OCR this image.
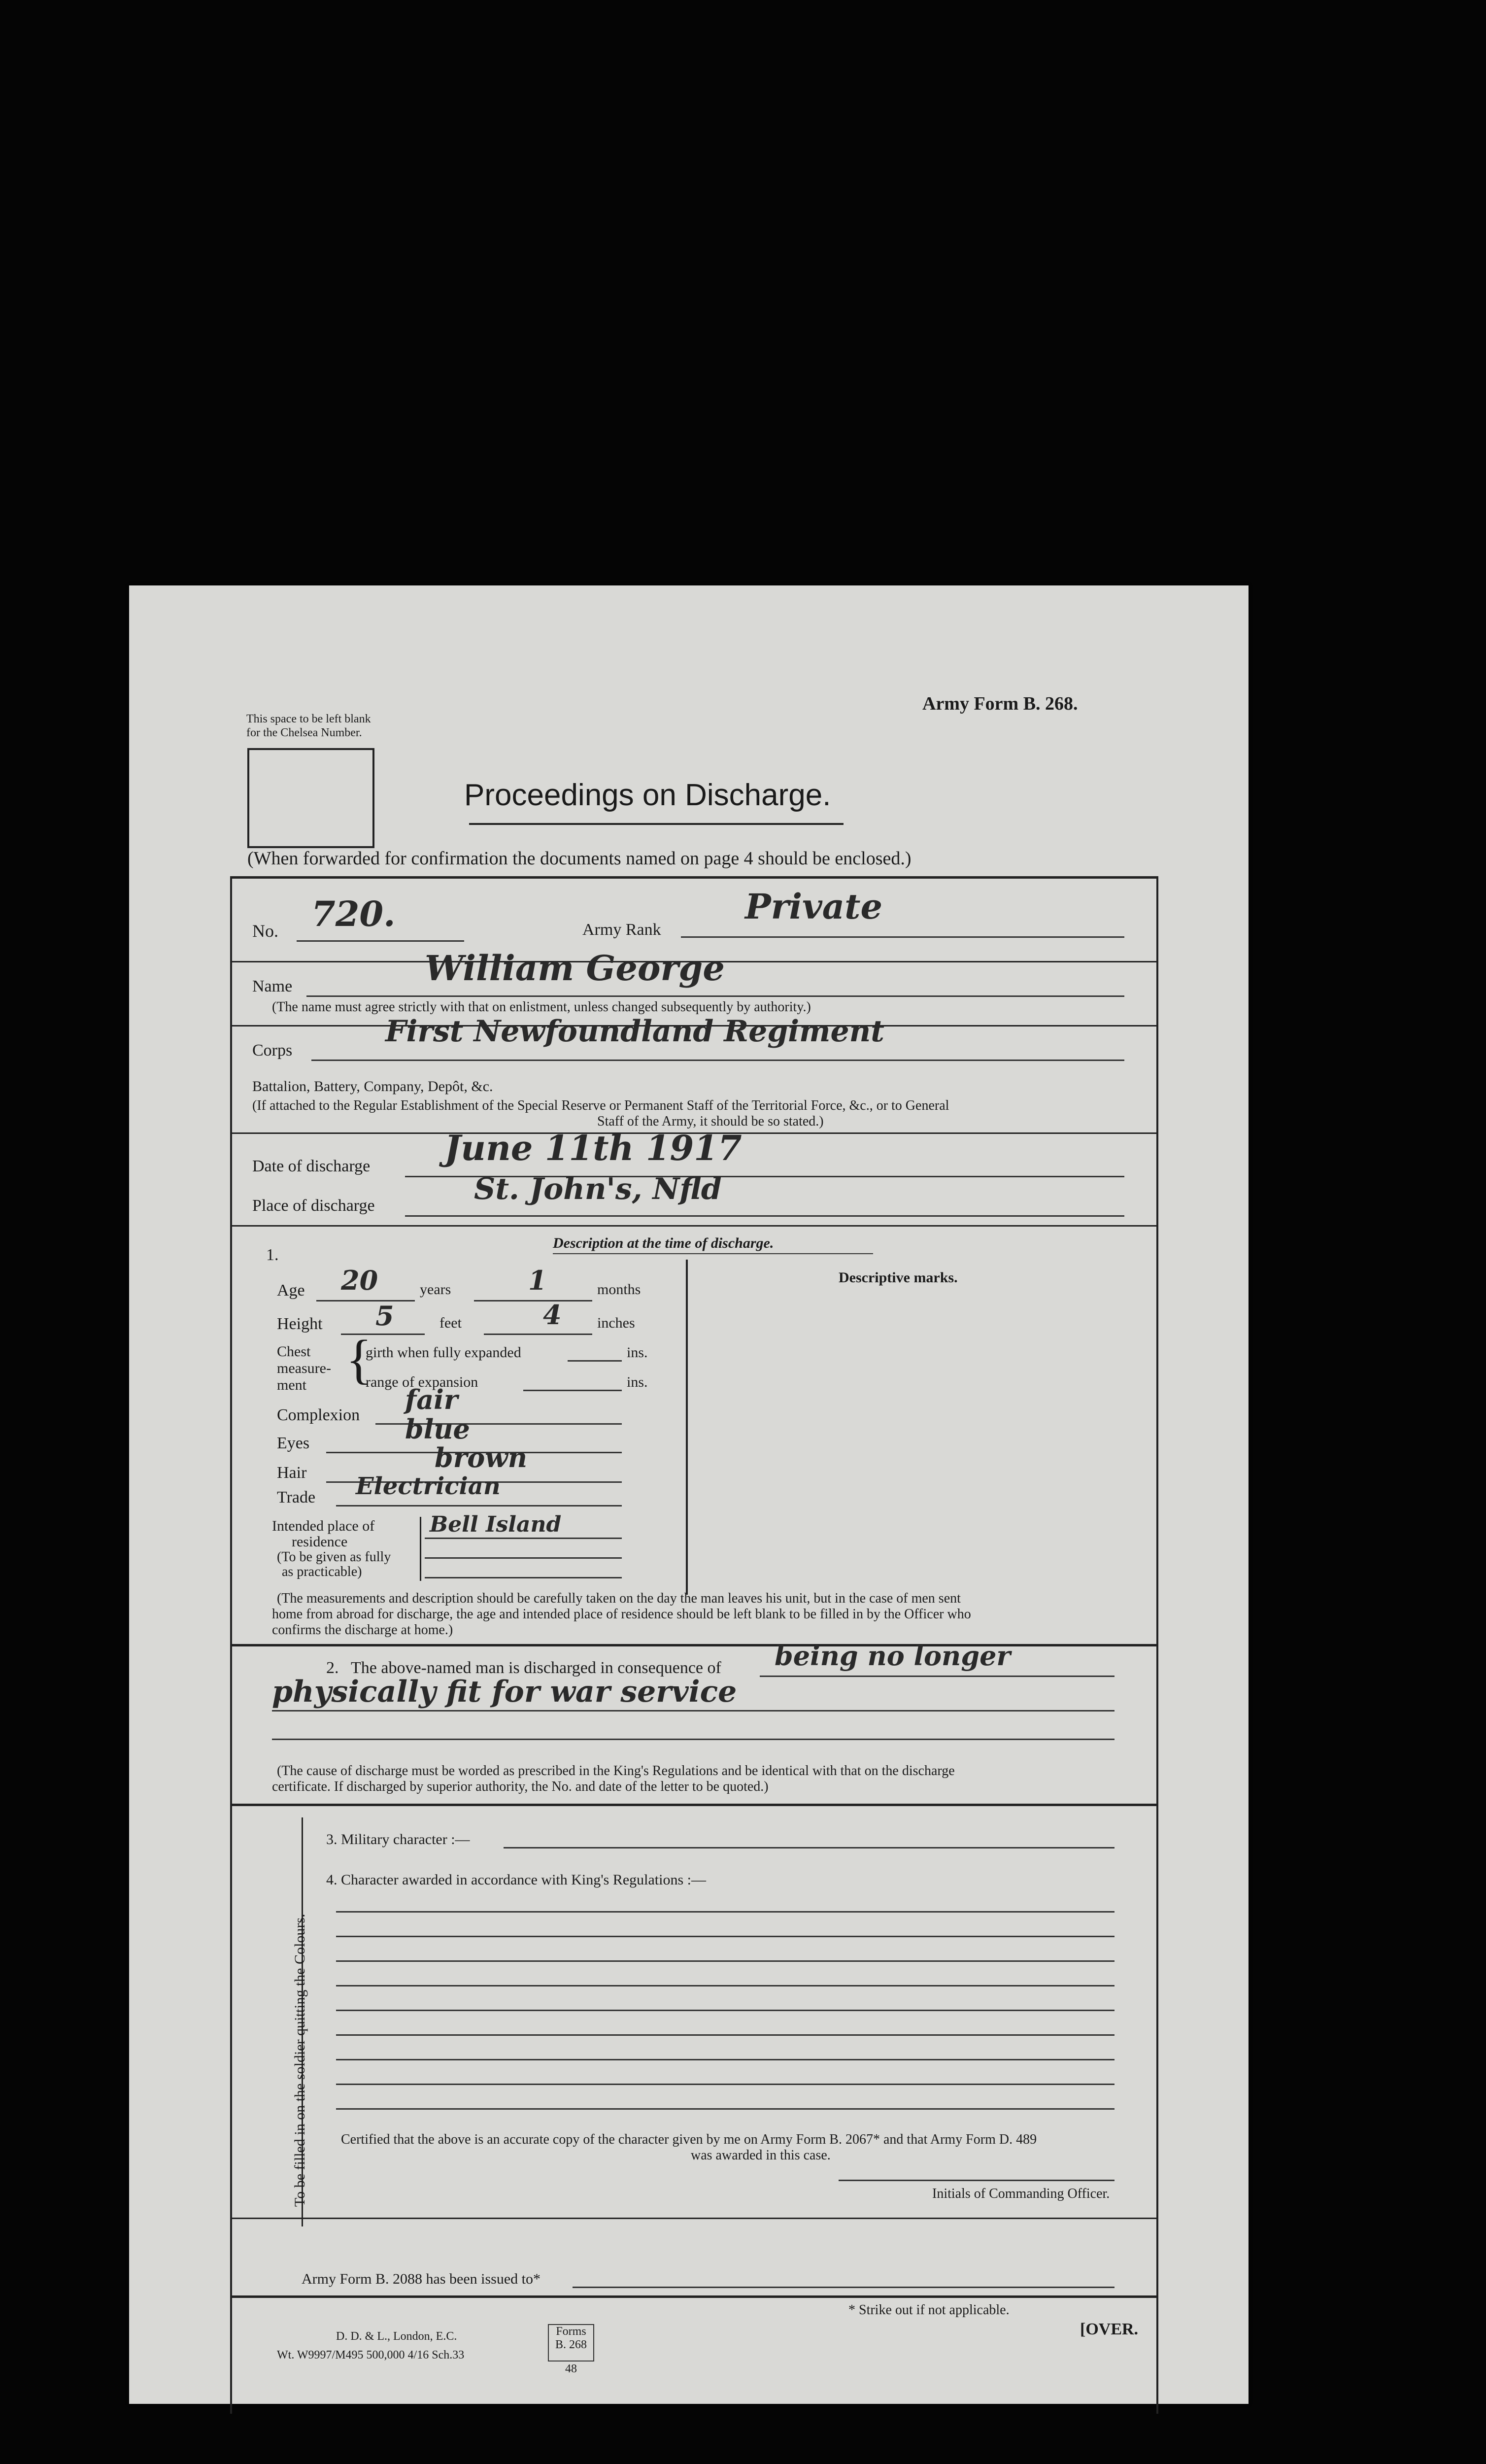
This space to be left blank
for the Chelsea Number.
Army Form B. 268.
Proceedings on Discharge.
(When forwarded for confirmation the documents named on page 4 should be enclosed.)
No. 720.	Army Rank
Private
Name	William George
(The name must agree strictly with that on enlistment, unless changed subsequently by authority.)
Corps
First Newfoundland Regiment
Battalion, Battery, Company, Depôt, &c.
(If attached to the Regular Establishment of the Special Reserve or Permanent Staff of the Territorial Force, &c., or to General
Staff of the Army, it should be so stated.)
Date of discharge June 11th 1917
Place of discharge	St. John's, Nfld
1.
Description at the time of discharge.
Descriptive marks.
Age 20	years	1	months
Height 5	feet	4 inches
Chest
measure-
ment {
girth when fully expanded	ins.
range of expansion	ins.
Complexion fair
Eyes	blue
Hair	brown
Trade Electrician
Intended place of
residence
(To be given as fully
as practicable)
Bell Island
(The measurements and description should be carefully taken on the day the man leaves his unit, but in the case of men sent
home from abroad for discharge, the age and intended place of residence should be left blank to be filled in by the Officer who
confirms the discharge at home.)
2. The above-named man is discharged in consequence of being no longer
physically fit for war service
(The cause of discharge must be worded as prescribed in the King's Regulations and be identical with that on the discharge
certificate. If discharged by superior authority, the No. and date of the letter to be quoted.)
To be filled in on the soldier quitting the Colours.
3. Military character :—
4. Character awarded in accordance with King's Regulations :—
Certified that the above is an accurate copy of the character given by me on Army Form B. 2067* and that Army Form D. 489
was awarded in this case.
Initials of Commanding Officer.
Army Form B. 2088 has been issued to*
* Strike out if not applicable.
[OVER.
D. D. & L., London, E.C.
Wt. W9997/M495 500,000 4/16 Sch.33
Forms
B. 268
48
